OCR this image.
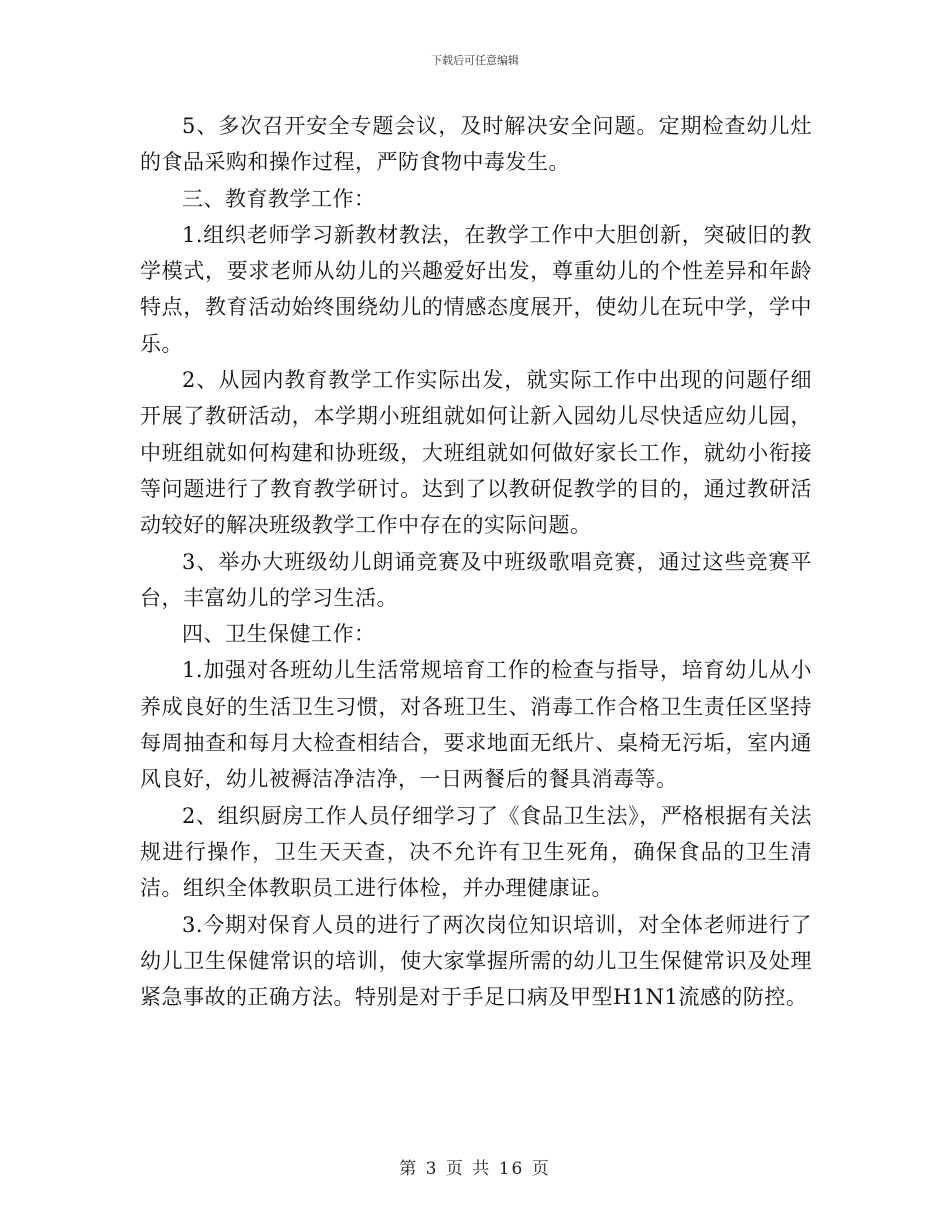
下载后可任意编辑

5、多次召开安全专题会议，及时解决安全问题。定期检查幼儿灶的食品采购和操作过程，严防食物中毒发生。

三、教育教学工作：

1.组织老师学习新教材教法，在教学工作中大胆创新，突破旧的教学模式，要求老师从幼儿的兴趣爱好出发，尊重幼儿的个性差异和年龄特点，教育活动始终围绕幼儿的情感态度展开，使幼儿在玩中学，学中乐。

2、从园内教育教学工作实际出发，就实际工作中出现的问题仔细开展了教研活动，本学期小班组就如何让新入园幼儿尽快适应幼儿园，中班组就如何构建和协班级，大班组就如何做好家长工作，就幼小衔接等问题进行了教育教学研讨。达到了以教研促教学的目的，通过教研活动较好的解决班级教学工作中存在的实际问题。

3、举办大班级幼儿朗诵竞赛及中班级歌唱竞赛，通过这些竞赛平台，丰富幼儿的学习生活。

四、卫生保健工作：

1.加强对各班幼儿生活常规培育工作的检查与指导，培育幼儿从小养成良好的生活卫生习惯，对各班卫生、消毒工作合格卫生责任区坚持每周抽查和每月大检查相结合，要求地面无纸片、桌椅无污垢，室内通风良好，幼儿被褥洁净洁净，一日两餐后的餐具消毒等。

2、组织厨房工作人员仔细学习了《食品卫生法》，严格根据有关法规进行操作，卫生天天查，决不允许有卫生死角，确保食品的卫生清洁。组织全体教职员工进行体检，并办理健康证。

3.今期对保育人员的进行了两次岗位知识培训，对全体老师进行了幼儿卫生保健常识的培训，使大家掌握所需的幼儿卫生保健常识及处理紧急事故的正确方法。特别是对于手足口病及甲型H1N1流感的防控。

第 3 页 共 16 页
